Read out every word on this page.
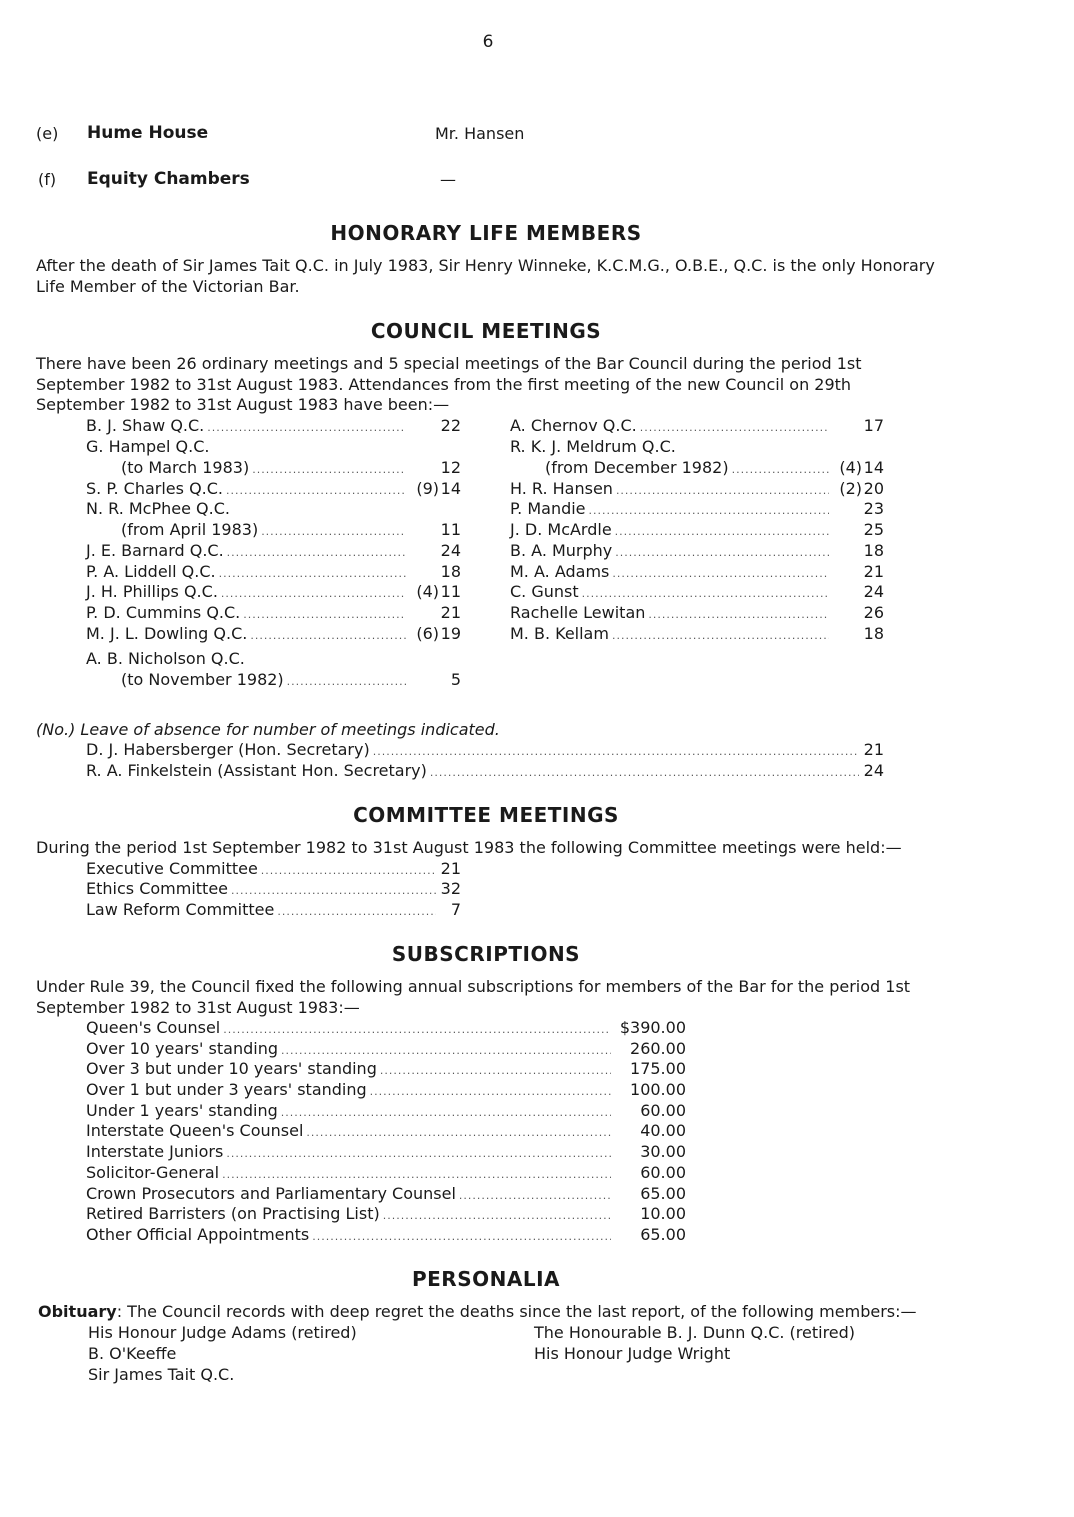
6
(e) Hume House	Mr. Hansen
(f) Equity Chambers	—
HONORARY LIFE MEMBERS
After the death of Sir James Tait Q.C. in July 1983, Sir Henry Winneke, K.C.M.G., O.B.E., Q.C. is the only Honorary Life Member of the Victorian Bar.
COUNCIL MEETINGS
There have been 26 ordinary meetings and 5 special meetings of the Bar Council during the period 1st September 1982 to 31st August 1983. Attendances from the first meeting of the new Council on 29th September 1982 to 31st August 1983 have been:—
B. J. Shaw Q.C. .....	22
G. Hampel Q.C.
(to March 1983) .....	12
S. P. Charles Q.C. .....	(9) 14
N. R. McPhee Q.C.
(from April 1983) .....	11
J. E. Barnard Q.C. .....	24
P. A. Liddell Q.C. .....	18
J. H. Phillips Q.C. .....	(4) 11
P. D. Cummins Q.C. .....	21
M. J. L. Dowling Q.C. .....	(6) 19
A. B. Nicholson Q.C.
(to November 1982) .....	5
A. Chernov Q.C. .....	17
R. K. J. Meldrum Q.C.
(from December 1982) .....	(4) 14
H. R. Hansen .....	(2) 20
P. Mandie .....	23
J. D. McArdle .....	25
B. A. Murphy .....	18
M. A. Adams .....	21
C. Gunst .....	24
Rachelle Lewitan .....	26
M. B. Kellam .....	18
(No.) Leave of absence for number of meetings indicated.
D. J. Habersberger (Hon. Secretary) .....	21
R. A. Finkelstein (Assistant Hon. Secretary) .....	24
COMMITTEE MEETINGS
During the period 1st September 1982 to 31st August 1983 the following Committee meetings were held:—
Executive Committee .....	21
Ethics Committee .....	32
Law Reform Committee .....	7
SUBSCRIPTIONS
Under Rule 39, the Council fixed the following annual subscriptions for members of the Bar for the period 1st September 1982 to 31st August 1983:—
Queen's Counsel .....	$390.00
Over 10 years' standing .....	260.00
Over 3 but under 10 years' standing .....	175.00
Over 1 but under 3 years' standing .....	100.00
Under 1 years' standing .....	60.00
Interstate Queen's Counsel .....	40.00
Interstate Juniors .....	30.00
Solicitor-General .....	60.00
Crown Prosecutors and Parliamentary Counsel .....	65.00
Retired Barristers (on Practising List) .....	10.00
Other Official Appointments .....	65.00
PERSONALIA
Obituary: The Council records with deep regret the deaths since the last report, of the following members:—
His Honour Judge Adams (retired)
B. O'Keeffe
Sir James Tait Q.C.
The Honourable B. J. Dunn Q.C. (retired)
His Honour Judge Wright
